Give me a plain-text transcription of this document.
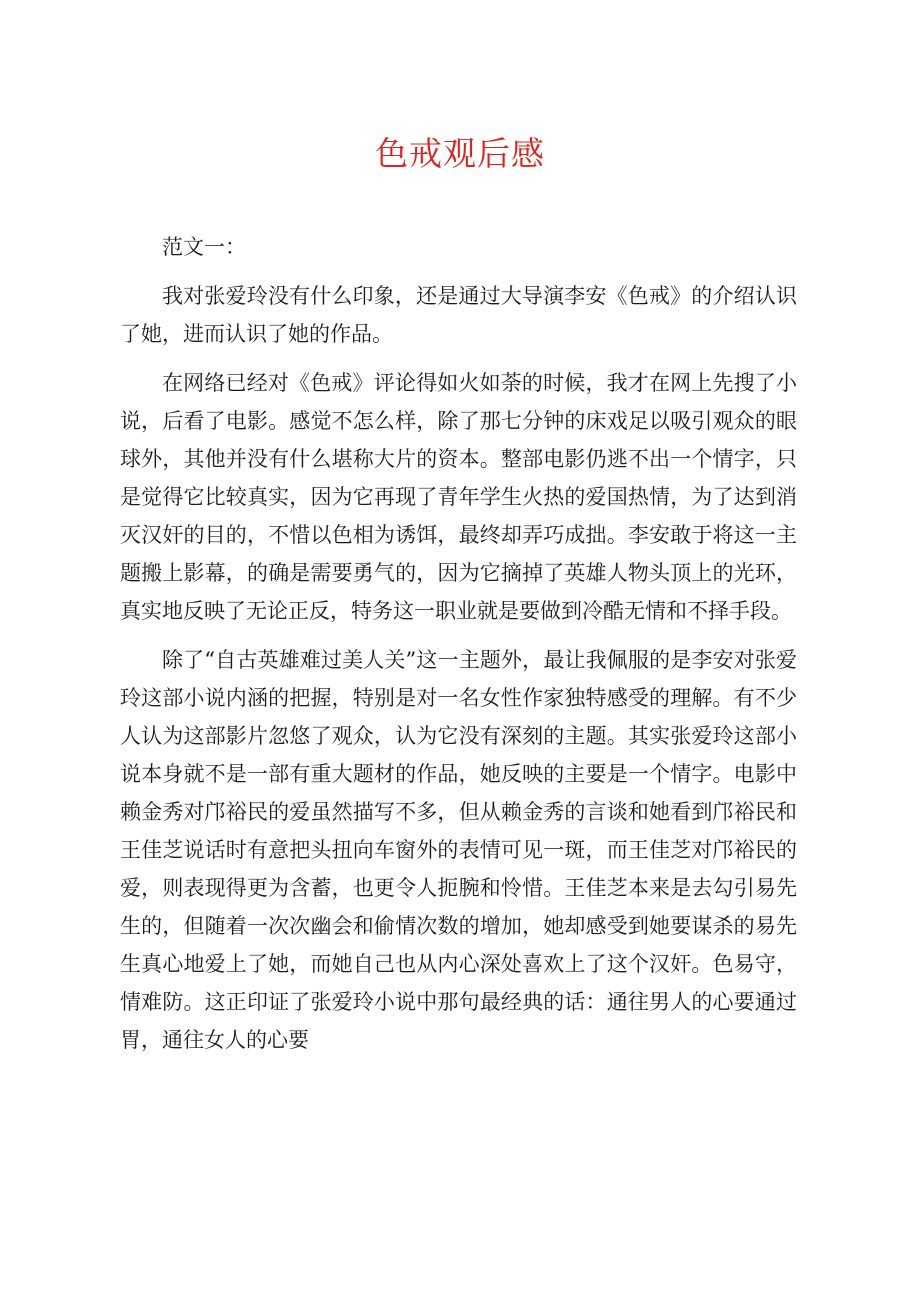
色戒观后感

范文一：

我对张爱玲没有什么印象，还是通过大导演李安《色戒》的介绍认识了她，进而认识了她的作品。

在网络已经对《色戒》评论得如火如荼的时候，我才在网上先搜了小说，后看了电影。感觉不怎么样，除了那七分钟的床戏足以吸引观众的眼球外，其他并没有什么堪称大片的资本。整部电影仍逃不出一个情字，只是觉得它比较真实，因为它再现了青年学生火热的爱国热情，为了达到消灭汉奸的目的，不惜以色相为诱饵，最终却弄巧成拙。李安敢于将这一主题搬上影幕，的确是需要勇气的，因为它摘掉了英雄人物头顶上的光环，真实地反映了无论正反，特务这一职业就是要做到冷酷无情和不择手段。

除了“自古英雄难过美人关”这一主题外，最让我佩服的是李安对张爱玲这部小说内涵的把握，特别是对一名女性作家独特感受的理解。有不少人认为这部影片忽悠了观众，认为它没有深刻的主题。其实张爱玲这部小说本身就不是一部有重大题材的作品，她反映的主要是一个情字。电影中赖金秀对邝裕民的爱虽然描写不多，但从赖金秀的言谈和她看到邝裕民和王佳芝说话时有意把头扭向车窗外的表情可见一斑，而王佳芝对邝裕民的爱，则表现得更为含蓄，也更令人扼腕和怜惜。王佳芝本来是去勾引易先生的，但随着一次次幽会和偷情次数的增加，她却感受到她要谋杀的易先生真心地爱上了她，而她自己也从内心深处喜欢上了这个汉奸。色易守，情难防。这正印证了张爱玲小说中那句最经典的话：通往男人的心要通过胃，通往女人的心要
